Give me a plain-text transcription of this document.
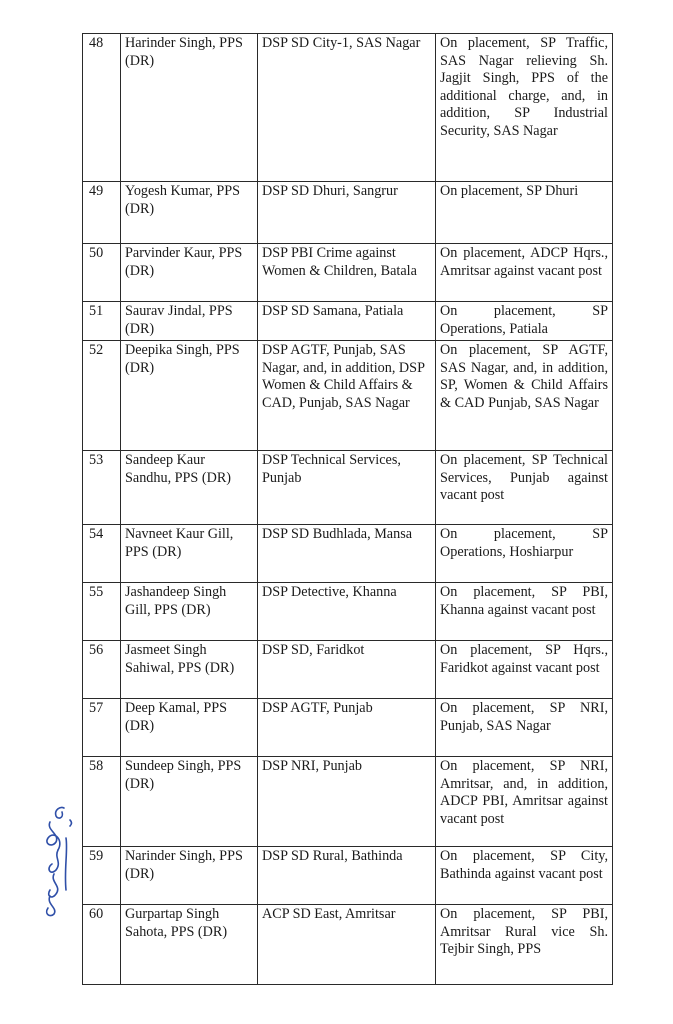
48	Harinder Singh, PPS (DR)	DSP SD City-1, SAS Nagar	On placement, SP Traffic, SAS Nagar relieving Sh. Jagjit Singh, PPS of the additional charge, and, in addition, SP Industrial Security, SAS Nagar
49	Yogesh Kumar, PPS (DR)	DSP SD Dhuri, Sangrur	On placement, SP Dhuri
50	Parvinder Kaur, PPS (DR)	DSP PBI Crime against Women & Children, Batala	On placement, ADCP Hqrs., Amritsar against vacant post
51	Saurav Jindal, PPS (DR)	DSP SD Samana, Patiala	On placement, SP Operations, Patiala
52	Deepika Singh, PPS (DR)	DSP AGTF, Punjab, SAS Nagar, and, in addition, DSP Women & Child Affairs & CAD, Punjab, SAS Nagar	On placement, SP AGTF, SAS Nagar, and, in addition, SP, Women & Child Affairs & CAD Punjab, SAS Nagar
53	Sandeep Kaur Sandhu, PPS (DR)	DSP Technical Services, Punjab	On placement, SP Technical Services, Punjab against vacant post
54	Navneet Kaur Gill, PPS (DR)	DSP SD Budhlada, Mansa	On placement, SP Operations, Hoshiarpur
55	Jashandeep Singh Gill, PPS (DR)	DSP Detective, Khanna	On placement, SP PBI, Khanna against vacant post
56	Jasmeet Singh Sahiwal, PPS (DR)	DSP SD, Faridkot	On placement, SP Hqrs., Faridkot against vacant post
57	Deep Kamal, PPS (DR)	DSP AGTF, Punjab	On placement, SP NRI, Punjab, SAS Nagar
58	Sundeep Singh, PPS (DR)	DSP NRI, Punjab	On placement, SP NRI, Amritsar, and, in addition, ADCP PBI, Amritsar against vacant post
59	Narinder Singh, PPS (DR)	DSP SD Rural, Bathinda	On placement, SP City, Bathinda against vacant post
60	Gurpartap Singh Sahota, PPS (DR)	ACP SD East, Amritsar	On placement, SP PBI, Amritsar Rural vice Sh. Tejbir Singh, PPS
